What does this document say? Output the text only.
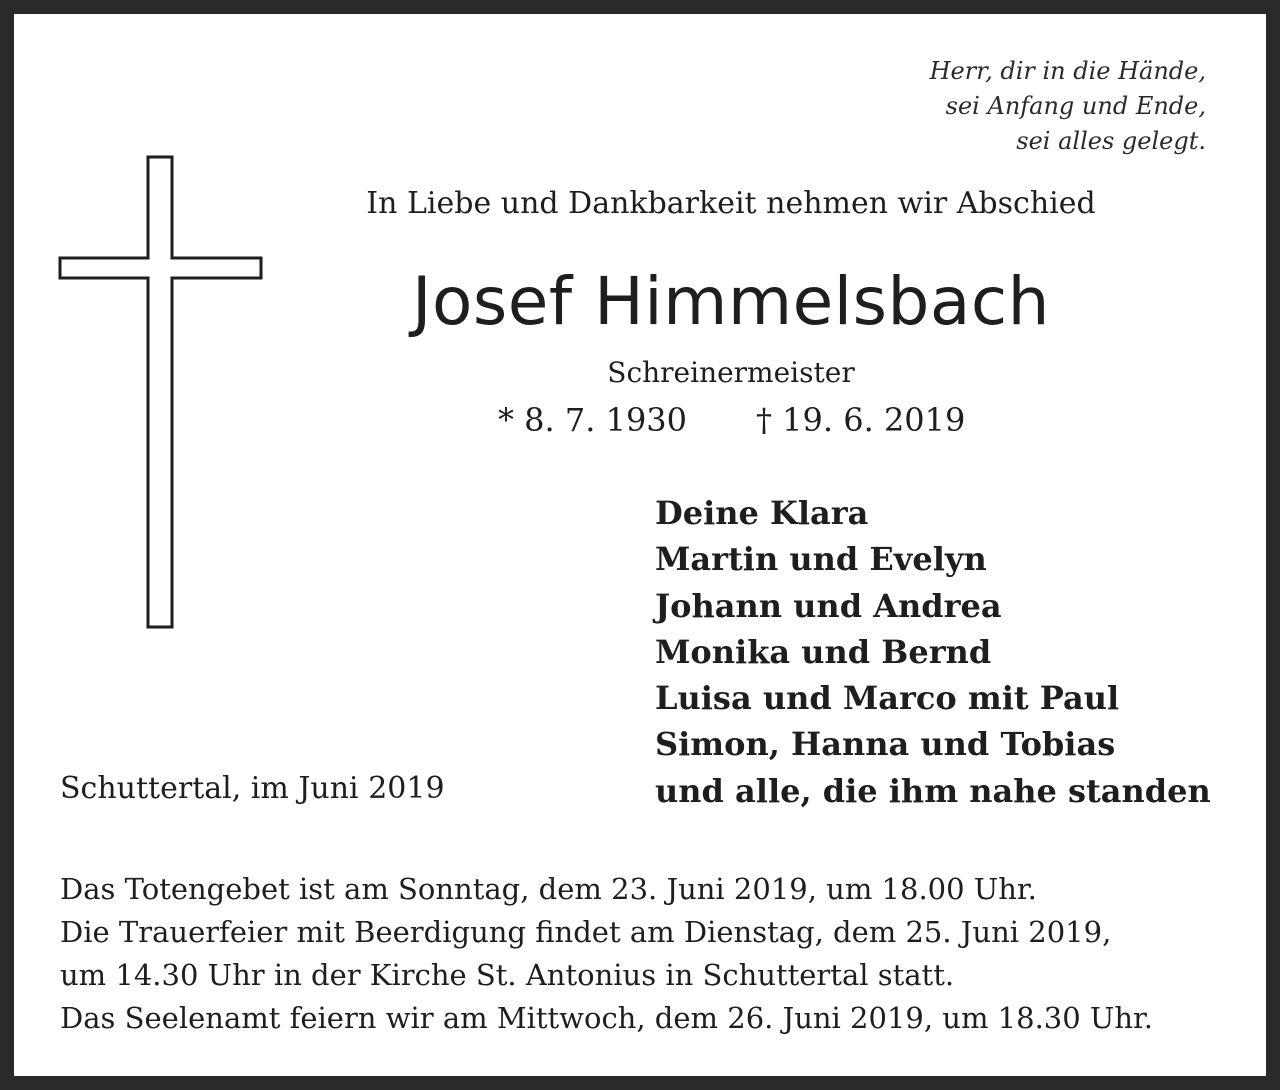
Herr, dir in die Hände,
sei Anfang und Ende,
sei alles gelegt.
In Liebe und Dankbarkeit nehmen wir Abschied
Josef Himmelsbach
Schreinermeister
* 8. 7. 1930 † 19. 6. 2019
Deine Klara
Martin und Evelyn
Johann und Andrea
Monika und Bernd
Luisa und Marco mit Paul
Simon, Hanna und Tobias
und alle, die ihm nahe standen
Schuttertal, im Juni 2019
Das Totengebet ist am Sonntag, dem 23. Juni 2019, um 18.00 Uhr.
Die Trauerfeier mit Beerdigung findet am Dienstag, dem 25. Juni 2019,
um 14.30 Uhr in der Kirche St. Antonius in Schuttertal statt.
Das Seelenamt feiern wir am Mittwoch, dem 26. Juni 2019, um 18.30 Uhr.
